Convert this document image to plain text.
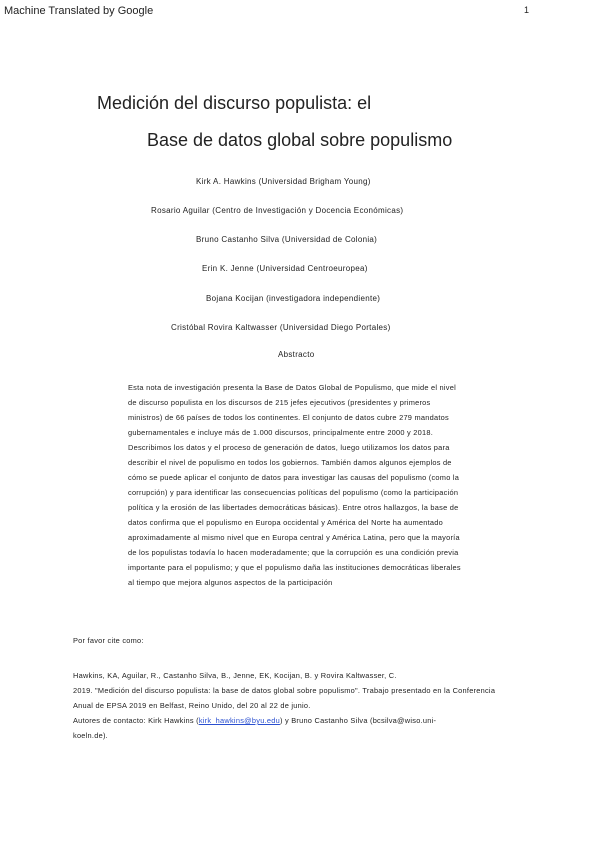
Machine Translated by Google	1
Medición del discurso populista: el
Base de datos global sobre populismo
Kirk A. Hawkins (Universidad Brigham Young)
Rosario Aguilar (Centro de Investigación y Docencia Económicas)
Bruno Castanho Silva (Universidad de Colonia)
Erin K. Jenne (Universidad Centroeuropea)
Bojana Kocijan (investigadora independiente)
Cristóbal Rovira Kaltwasser (Universidad Diego Portales)
Abstracto
Esta nota de investigación presenta la Base de Datos Global de Populismo, que mide el nivel
de discurso populista en los discursos de 215 jefes ejecutivos (presidentes y primeros
ministros) de 66 países de todos los continentes. El conjunto de datos cubre 279 mandatos
gubernamentales e incluye más de 1.000 discursos, principalmente entre 2000 y 2018.
Describimos los datos y el proceso de generación de datos, luego utilizamos los datos para
describir el nivel de populismo en todos los gobiernos. También damos algunos ejemplos de
cómo se puede aplicar el conjunto de datos para investigar las causas del populismo (como la
corrupción) y para identificar las consecuencias políticas del populismo (como la participación
política y la erosión de las libertades democráticas básicas). Entre otros hallazgos, la base de
datos confirma que el populismo en Europa occidental y América del Norte ha aumentado
aproximadamente al mismo nivel que en Europa central y América Latina, pero que la mayoría
de los populistas todavía lo hacen moderadamente; que la corrupción es una condición previa
importante para el populismo; y que el populismo daña las instituciones democráticas liberales
al tiempo que mejora algunos aspectos de la participación
Por favor cite como:
Hawkins, KA, Aguilar, R., Castanho Silva, B., Jenne, EK, Kocijan, B. y Rovira Kaltwasser, C.
2019. "Medición del discurso populista: la base de datos global sobre populismo". Trabajo presentado en la Conferencia
Anual de EPSA 2019 en Belfast, Reino Unido, del 20 al 22 de junio.
Autores de contacto: Kirk Hawkins (kirk_hawkins@byu.edu) y Bruno Castanho Silva (bcsilva@wiso.uni-
koeln.de).
